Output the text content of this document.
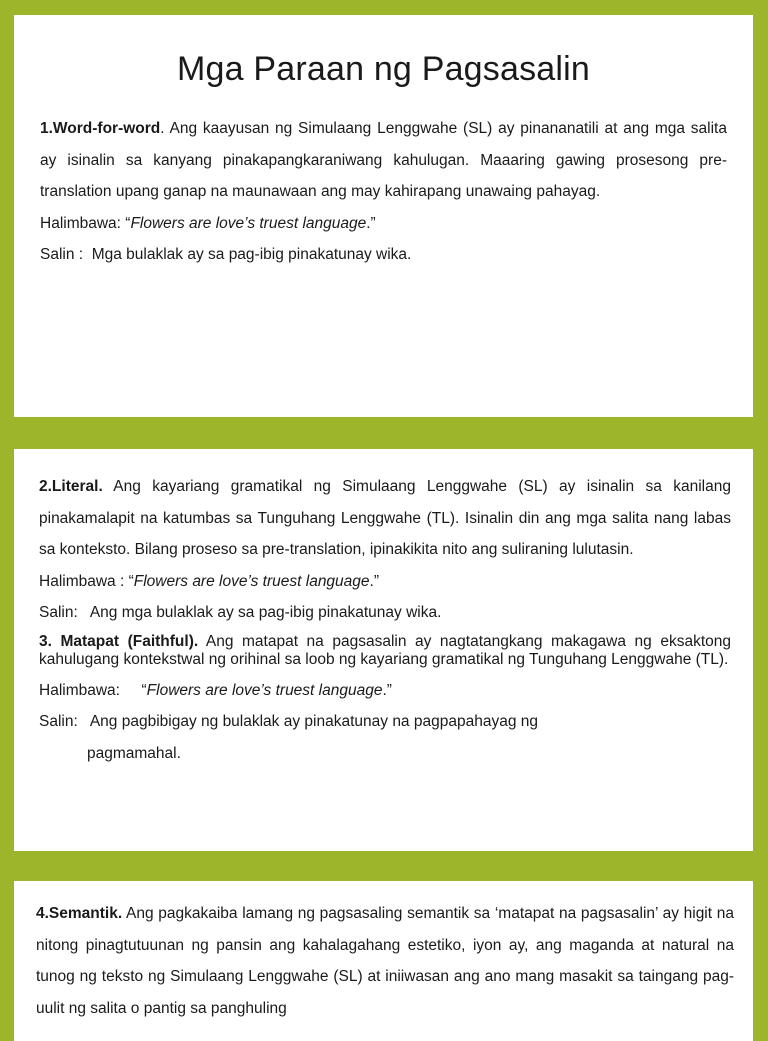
Mga Paraan ng Pagsasalin

1.Word-for-word. Ang kaayusan ng Simulaang Lenggwahe (SL) ay pinananatili at ang mga salita ay isinalin sa kanyang pinakapangkaraniwang kahulugan. Maaaring gawing prosesong pre-translation upang ganap na maunawaan ang may kahirapang unawaing pahayag.

Halimbawa: “Flowers are love’s truest language.”

Salin :  Mga bulaklak ay sa pag-ibig pinakatunay wika.

2.Literal. Ang kayariang gramatikal ng Simulaang Lenggwahe (SL) ay isinalin sa kanilang pinakamalapit na katumbas sa Tunguhang Lenggwahe (TL). Isinalin din ang mga salita nang labas sa konteksto. Bilang proseso sa pre-translation, ipinakikita nito ang suliraning lulutasin.

Halimbawa : “Flowers are love’s truest language.”

Salin:   Ang mga bulaklak ay sa pag-ibig pinakatunay wika.

3. Matapat (Faithful). Ang matapat na pagsasalin ay nagtatangkang makagawa ng eksaktong kahulugang kontekstwal ng orihinal sa loob ng kayariang gramatikal ng Tunguhang Lenggwahe (TL).

Halimbawa:     “Flowers are love’s truest language.”

Salin:   Ang pagbibigay ng bulaklak ay pinakatunay na pagpapahayag ng

pagmamahal.

4.Semantik. Ang pagkakaiba lamang ng pagsasaling semantik sa ‘matapat na pagsasalin’ ay higit na nitong pinagtutuunan ng pansin ang kahalagahang estetiko, iyon ay, ang maganda at natural na tunog ng teksto ng Simulaang Lenggwahe (SL) at iniiwasan ang ano mang masakit sa taingang pag-uulit ng salita o pantig sa panghuling
